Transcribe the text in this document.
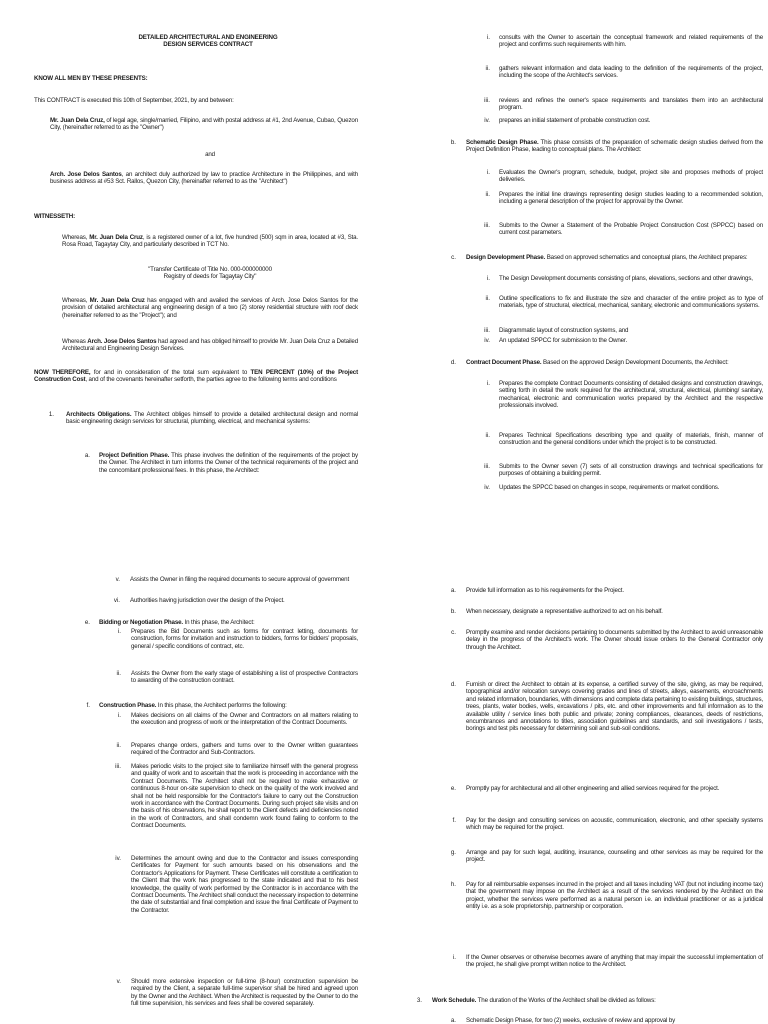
DETAILED ARCHITECTURAL AND ENGINEERING
DESIGN SERVICES CONTRACT
KNOW ALL MEN BY THESE PRESENTS:
This CONTRACT is executed this 10th of September, 2021, by and between:
Mr. Juan Dela Cruz, of legal age, single/married, Filipino, and with postal address at #1, 2nd Avenue, Cubao, Quezon City, (hereinafter referred to as the "Owner")
and
Arch. Jose Delos Santos, an architect duly authorized by law to practice Architecture in the Philippines, and with business address at #53 Sct. Rallos, Quezon City, (hereinafter referred to as the "Architect")
WITNESSETH:
Whereas, Mr. Juan Dela Cruz, is a registered owner of a lot, five hundred (500) sqm in area, located at #3, Sta. Rosa Road, Tagaytay City, and particularly described in TCT No.
"Transfer Certificate of Title No. 000-000000000
Registry of deeds for Tagaytay City"
Whereas, Mr. Juan Dela Cruz has engaged with and availed the services of Arch. Jose Delos Santos for the provision of detailed architectural ang engineering design of a two (2) storey residential structure with roof deck (hereinafter referred to as the "Project"); and
Whereas Arch. Jose Delos Santos had agreed and has obliged himself to provide Mr. Juan Dela Cruz a Detailed Architectural and Engineering Design Services.
NOW THEREFORE, for and in consideration of the total sum equivalent to TEN PERCENT (10%) of the Project Construction Cost, and of the covenants hereinafter setforth, the parties agree to the following terms and conditions
1. Architects Obligations. The Architect obliges himself to provide a detailed architectural design and normal basic engineering design services for structural, plumbing, electrical, and mechanical systems:
a. Project Definition Phase. This phase involves the definition of the requirements of the project by the Owner. The Architect in turn informs the Owner of the technical requirements of the project and the concomitant professional fees. In this phase, the Architect:
i. consults with the Owner to ascertain the conceptual framework and related requirements of the project and confirms such requirements with him.
ii. gathers relevant information and data leading to the definition of the requirements of the project, including the scope of the Architect's services.
iii. reviews and refines the owner's space requirements and translates them into an architectural program.
iv. prepares an initial statement of probable construction cost.
b. Schematic Design Phase. This phase consists of the preparation of schematic design studies derived from the Project Definition Phase, leading to conceptual plans. The Architect:
i. Evaluates the Owner's program, schedule, budget, project site and proposes methods of project deliveries.
ii. Prepares the initial line drawings representing design studies leading to a recommended solution, including a general description of the project for approval by the Owner.
iii. Submits to the Owner a Statement of the Probable Project Construction Cost (SPPCC) based on current cost parameters.
c. Design Development Phase. Based on approved schematics and conceptual plans, the Architect prepares:
i. The Design Development documents consisting of plans, elevations, sections and other drawings,
ii. Outline specifications to fix and illustrate the size and character of the entire project as to type of materials, type of structural, electrical, mechanical, sanitary, electronic and communications systems.
iii. Diagrammatic layout of construction systems, and
iv. An updated SPPCC for submission to the Owner.
d. Contract Document Phase. Based on the approved Design Development Documents, the Architect:
i. Prepares the complete Contract Documents consisting of detailed designs and construction drawings, setting forth in detail the work required for the architectural, structural, electrical, plumbing/ sanitary, mechanical, electronic and communication works prepared by the Architect and the respective professionals involved.
ii. Prepares Technical Specifications describing type and quality of materials, finish, manner of construction and the general conditions under which the project is to be constructed.
iii. Submits to the Owner seven (7) sets of all construction drawings and technical specifications for purposes of obtaining a building permit.
iv. Updates the SPPCC based on changes in scope, requirements or market conditions.
v. Assists the Owner in filing the required documents to secure approval of government
vi. Authorities having jurisdiction over the design of the Project.
e. Bidding or Negotiation Phase. In this phase, the Architect:
i. Prepares the Bid Documents such as forms for contract letting, documents for construction, forms for invitation and instruction to bidders, forms for bidders' proposals, general / specific conditions of contract, etc.
ii. Assists the Owner from the early stage of establishing a list of prospective Contractors to awarding of the construction contract.
f. Construction Phase. In this phase, the Architect performs the following:
i. Makes decisions on all claims of the Owner and Contractors on all matters relating to the execution and progress of work or the interpretation of the Contract Documents.
ii. Prepares change orders, gathers and turns over to the Owner written guarantees required of the Contractor and Sub-Contractors.
iii. Makes periodic visits to the project site to familiarize himself with the general progress and quality of work and to ascertain that the work is proceeding in accordance with the Contract Documents. The Architect shall not be required to make exhaustive or continuous 8-hour on-site supervision to check on the quality of the work involved and shall not be held responsible for the Contractor's failure to carry out the Construction work in accordance with the Contract Documents. During such project site visits and on the basis of his observations, he shall report to the Client defects and deficiencies noted in the work of Contractors, and shall condemn work found failing to conform to the Contract Documents.
iv. Determines the amount owing and due to the Contractor and issues corresponding Certificates for Payment for such amounts based on his observations and the Contractor's Applications for Payment. These Certificates will constitute a certification to the Client that the work has progressed to the state indicated and that to his best knowledge, the quality of work performed by the Contractor is in accordance with the Contract Documents. The Architect shall conduct the necessary inspection to determine the date of substantial and final completion and issue the final Certificate of Payment to the Contractor.
v. Should more extensive inspection or full-time (8-hour) construction supervision be required by the Client, a separate full-time supervisor shall be hired and agreed upon by the Owner and the Architect. When the Architect is requested by the Owner to do the full time supervision, his services and fees shall be covered separately.
a. Provide full information as to his requirements for the Project.
b. When necessary, designate a representative authorized to act on his behalf.
c. Promptly examine and render decisions pertaining to documents submitted by the Architect to avoid unreasonable delay in the progress of the Architect's work. The Owner should issue orders to the General Contractor only through the Architect.
d. Furnish or direct the Architect to obtain at its expense, a certified survey of the site, giving, as may be required, topographical and/or relocation surveys covering grades and lines of streets, alleys, easements, encroachments and related information, boundaries, with dimensions and complete data pertaining to existing buildings, structures, trees, plants, water bodies, wells, excavations / pits, etc. and other improvements and full information as to the available utility / service lines both public and private; zoning compliances, clearances, deeds of restrictions, encumbrances and annotations to titles, association guidelines and standards, and soil investigations / tests, borings and test pits necessary for determining soil and sub-soil conditions.
e. Promptly pay for architectural and all other engineering and allied services required for the project.
f. Pay for the design and consulting services on acoustic, communication, electronic, and other specialty systems which may be required for the project.
g. Arrange and pay for such legal, auditing, insurance, counseling and other services as may be required for the project.
h. Pay for all reimbursable expenses incurred in the project and all taxes including VAT (but not including income tax) that the government may impose on the Architect as a result of the services rendered by the Architect on the project, whether the services were performed as a natural person i.e. an individual practitioner or as a juridical entity i.e. as a sole proprietorship, partnership or corporation.
i. If the Owner observes or otherwise becomes aware of anything that may impair the successful implementation of the project, he shall give prompt written notice to the Architect.
3. Work Schedule. The duration of the Works of the Architect shall be divided as follows:
a. Schematic Design Phase, for two (2) weeks, exclusive of review and approval by
